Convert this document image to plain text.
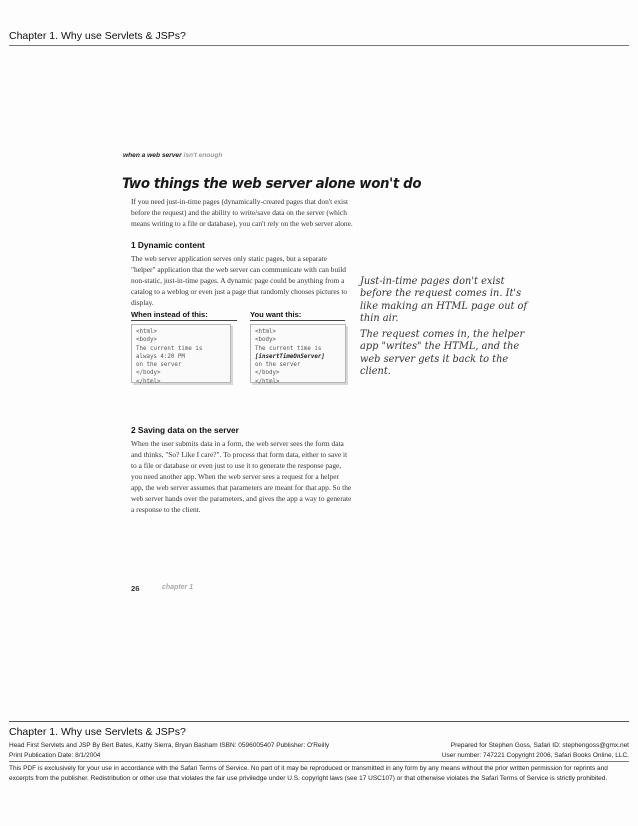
Chapter 1. Why use Servlets & JSPs?
when a web server isn't enough
Two things the web server alone won't do
If you need just-in-time pages (dynamically-created pages that don't exist before the request) and the ability to write/save data on the server (which means writing to a file or database), you can't rely on the web server alone.
1 Dynamic content
The web server application serves only static pages, but a separate "helper" application that the web server can communicate with can build non-static, just-in-time pages. A dynamic page could be anything from a catalog to a weblog or even just a page that randomly chooses pictures to display.

Just-in-time pages don't exist before the request comes in. It's like making an HTML page out of thin air.

The request comes in, the helper app "writes" the HTML, and the web server gets it back to the client.

When instead of this:	You want this:
<html>
<body>
The current time is
always 4:20 PM
on the server
</body>
</html>
<html>
<body>
The current time is
[insertTimeOnServer]
on the server
</body>
</html>
2 Saving data on the server
When the user submits data in a form, the web server sees the form data and thinks, "So? Like I care?". To process that form data, either to save it to a file or database or even just to use it to generate the response page, you need another app. When the web server sees a request for a helper app, the web server assumes that parameters are meant for that app. So the web server hands over the parameters, and gives the app a way to generate a response to the client.
26	chapter 1
Chapter 1. Why use Servlets & JSPs?
Head First Servlets and JSP By Bert Bates, Kathy Sierra, Bryan Basham ISBN: 0596005407 Publisher: O'Reilly	Prepared for Stephen Goss, Safari ID: stephengoss@gmx.net
Print Publication Date: 8/1/2004	User number: 747221 Copyright 2006, Safari Books Online, LLC.
This PDF is exclusively for your use in accordance with the Safari Terms of Service. No part of it may be reproduced or transmitted in any form by any means without the prior written permission for reprints and excerpts from the publisher. Redistribution or other use that violates the fair use priviledge under U.S. copyright laws (see 17 USC107) or that otherwise violates the Safari Terms of Service is strictly prohibited.
